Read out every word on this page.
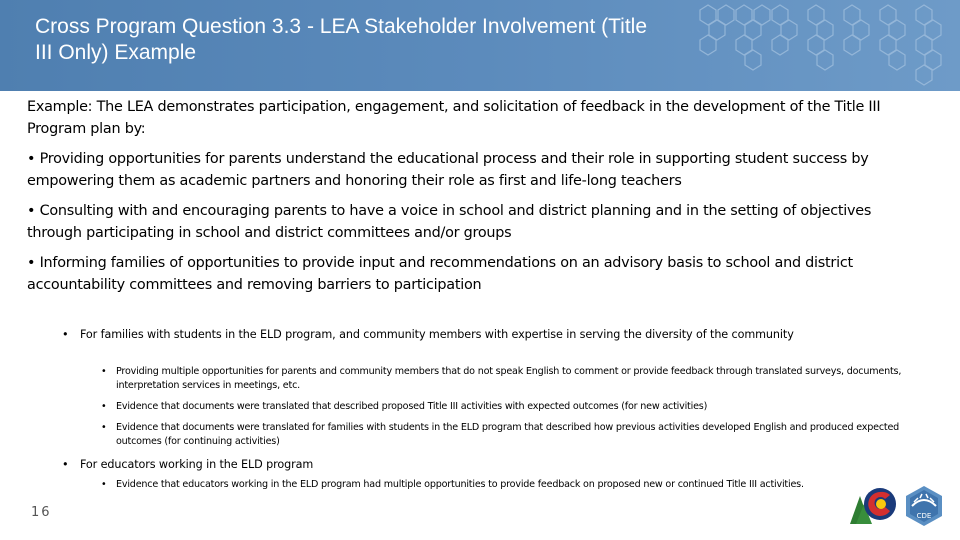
Cross Program Question 3.3 - LEA Stakeholder Involvement (Title III Only) Example

Example: The LEA demonstrates participation, engagement, and solicitation of feedback in the development of the Title III Program plan by:

• Providing opportunities for parents understand the educational process and their role in supporting student success by empowering them as academic partners and honoring their role as first and life-long teachers

• Consulting with and encouraging parents to have a voice in school and district planning and in the setting of objectives through participating in school and district committees and/or groups

• Informing families of opportunities to provide input and recommendations on an advisory basis to school and district accountability committees and removing barriers to participation

• For families with students in the ELD program, and community members with expertise in serving the diversity of the community
• Providing multiple opportunities for parents and community members that do not speak English to comment or provide feedback through translated surveys, documents, interpretation services in meetings, etc.
• Evidence that documents were translated that described proposed Title III activities with expected outcomes (for new activities)
• Evidence that documents were translated for families with students in the ELD program that described how previous activities developed English and produced expected outcomes (for continuing activities)
• For educators working in the ELD program
• Evidence that educators working in the ELD program had multiple opportunities to provide feedback on proposed new or continued Title III activities.
16	CDE
